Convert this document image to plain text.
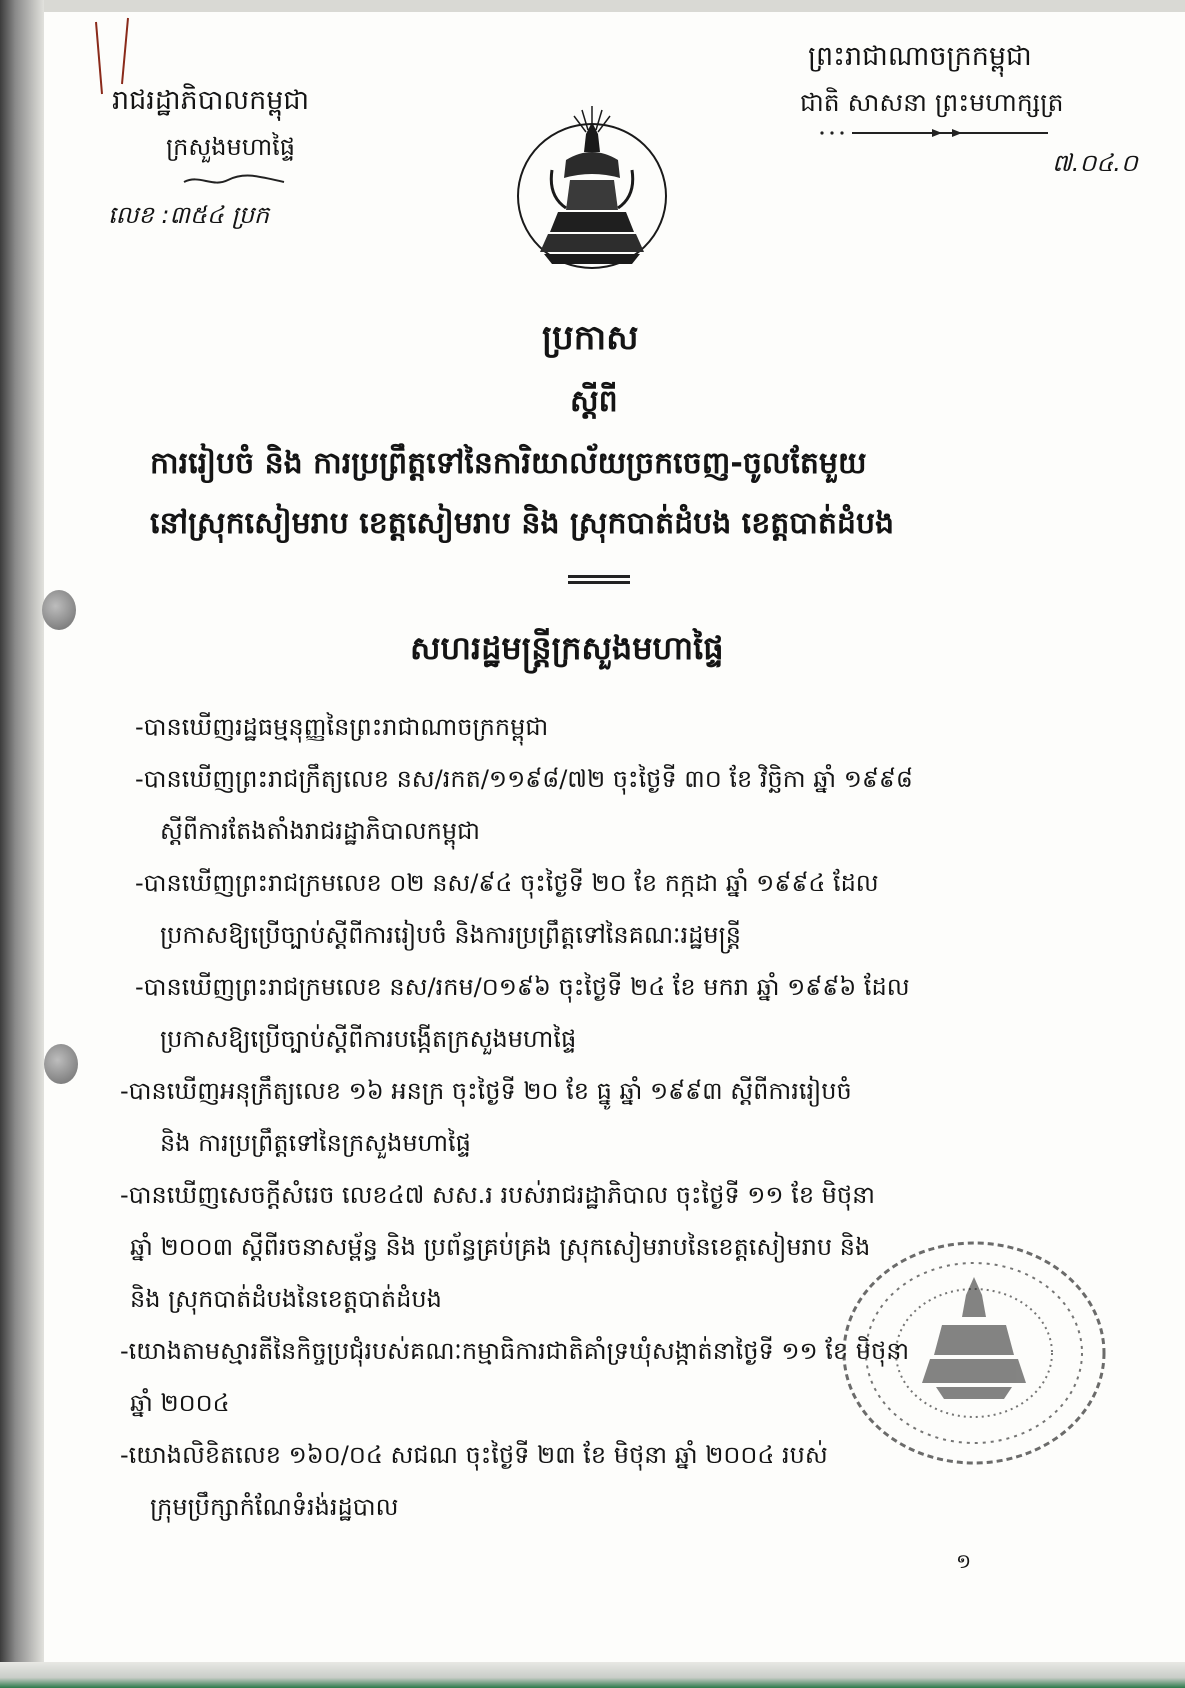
រាជរដ្ឋាភិបាលកម្ពុជា
ក្រសួងមហាផ្ទៃ
លេខ :៣៥៤ ប្រក
ព្រះរាជាណាចក្រកម្ពុជា
ជាតិ សាសនា ព្រះមហាក្សត្រ
៧.០៤.០
ប្រកាស
ស្តីពី
ការរៀបចំ និង ការប្រព្រឹត្តទៅនៃការិយាល័យច្រកចេញ-ចូលតែមួយ
នៅស្រុកសៀមរាប ខេត្តសៀមរាប និង ស្រុកបាត់ដំបង ខេត្តបាត់ដំបង
សហរដ្ឋមន្ត្រីក្រសួងមហាផ្ទៃ
-បានឃើញរដ្ឋធម្មនុញ្ញនៃព្រះរាជាណាចក្រកម្ពុជា
-បានឃើញព្រះរាជក្រឹត្យលេខ នស/រកត/១១៩៨/៧២ ចុះថ្ងៃទី ៣០ ខែ វិច្ឆិកា ឆ្នាំ ១៩៩៨
ស្តីពីការតែងតាំងរាជរដ្ឋាភិបាលកម្ពុជា
-បានឃើញព្រះរាជក្រមលេខ ០២ នស/៩៤ ចុះថ្ងៃទី ២០ ខែ កក្កដា ឆ្នាំ ១៩៩៤ ដែល
ប្រកាសឱ្យប្រើច្បាប់ស្តីពីការរៀបចំ និងការប្រព្រឹត្តទៅនៃគណៈរដ្ឋមន្ត្រី
-បានឃើញព្រះរាជក្រមលេខ នស/រកម/០១៩៦ ចុះថ្ងៃទី ២៤ ខែ មករា ឆ្នាំ ១៩៩៦ ដែល
ប្រកាសឱ្យប្រើច្បាប់ស្តីពីការបង្កើតក្រសួងមហាផ្ទៃ
-បានឃើញអនុក្រឹត្យលេខ ១៦ អនក្រ ចុះថ្ងៃទី ២០ ខែ ធ្នូ ឆ្នាំ ១៩៩៣ ស្តីពីការរៀបចំ
និង ការប្រព្រឹត្តទៅនៃក្រសួងមហាផ្ទៃ
-បានឃើញសេចក្តីសំរេច លេខ៤៧ សស.រ របស់រាជរដ្ឋាភិបាល ចុះថ្ងៃទី ១១ ខែ មិថុនា
ឆ្នាំ ២០០៣ ស្តីពីរចនាសម្ព័ន្ធ និង ប្រព័ន្ធគ្រប់គ្រង ស្រុកសៀមរាបនៃខេត្តសៀមរាប និង
និង ស្រុកបាត់ដំបងនៃខេត្តបាត់ដំបង
-យោងតាមស្មារតីនៃកិច្ចប្រជុំរបស់គណៈកម្មាធិការជាតិគាំទ្រឃុំសង្កាត់នាថ្ងៃទី ១១ ខែ មិថុនា
ឆ្នាំ ២០០៤
-យោងលិខិតលេខ ១៦០/០៤ សជណ ចុះថ្ងៃទី ២៣ ខែ មិថុនា ឆ្នាំ ២០០៤ របស់
ក្រុមប្រឹក្សាកំណែទំរង់រដ្ឋបាល
១
